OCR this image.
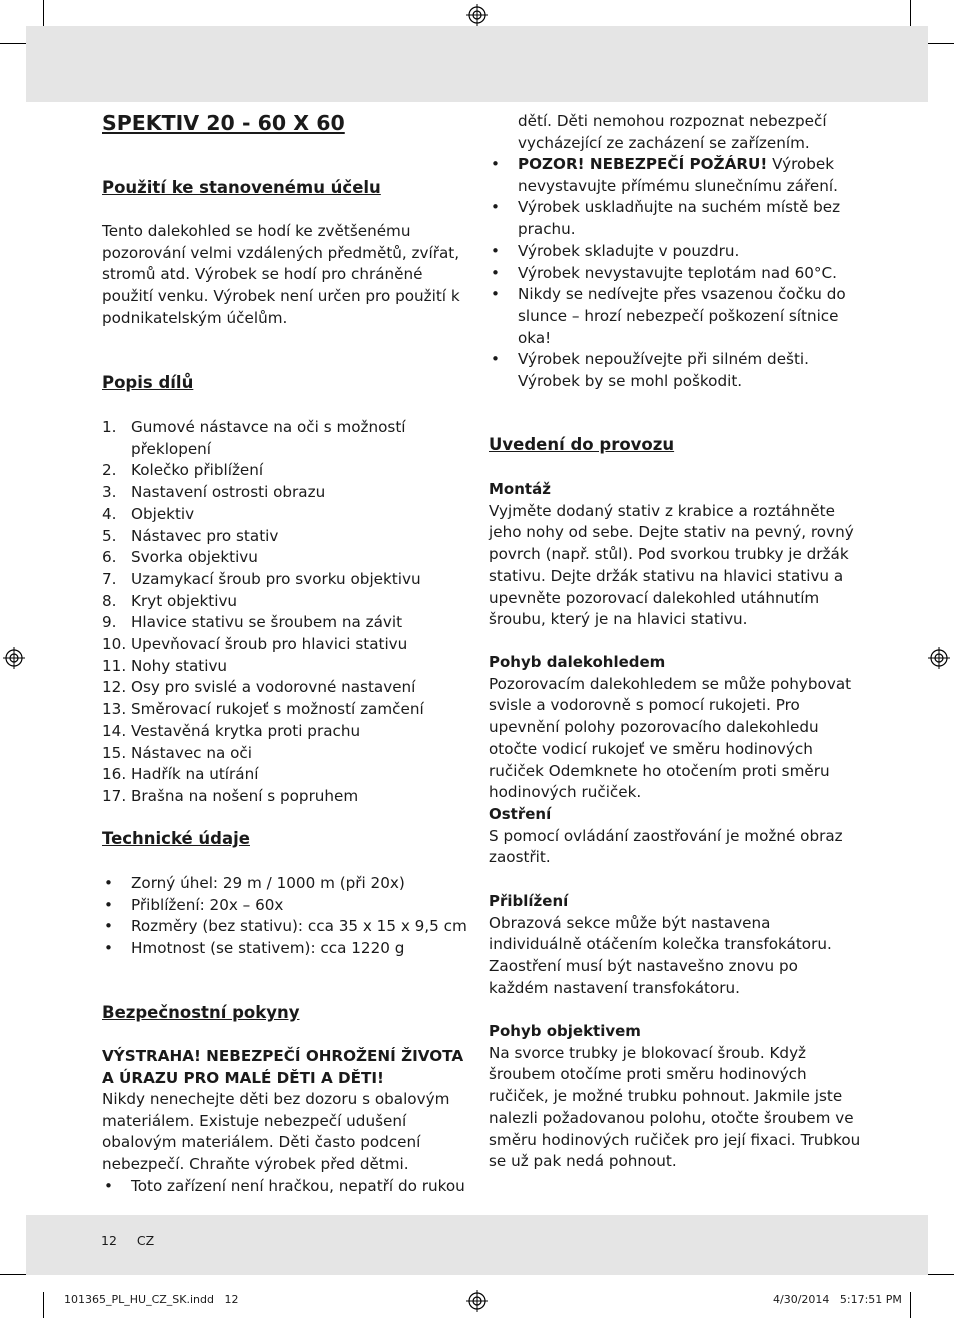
SPEKTIV 20 - 60 X 60
Použití ke stanovenému účelu

Tento dalekohled se hodí ke zvětšenému pozorování velmi vzdálených předmětů, zvířat, stromů atd. Výrobek se hodí pro chráněné použití venku. Výrobek není určen pro použití k podnikatelským účelům.

Popis dílů
1. Gumové nástavce na oči s možností překlopení
2. Kolečko přiblížení
3. Nastavení ostrosti obrazu
4. Objektiv
5. Nástavec pro stativ
6. Svorka objektivu
7. Uzamykací šroub pro svorku objektivu
8. Kryt objektivu
9. Hlavice stativu se šroubem na závit
10. Upevňovací šroub pro hlavici stativu
11. Nohy stativu
12. Osy pro svislé a vodorovné nastavení
13. Směrovací rukojeť s možností zamčení
14. Vestavěná krytka proti prachu
15. Nástavec na oči
16. Hadřík na utírání
17. Brašna na nošení s popruhem
Technické údaje
• Zorný úhel: 29 m / 1000 m (při 20x)
• Přiblížení: 20x – 60x
• Rozměry (bez stativu): cca 35 x 15 x 9,5 cm
• Hmotnost (se stativem): cca 1220 g
Bezpečnostní pokyny

VÝSTRAHA! NEBEZPEČÍ OHROŽENÍ ŽIVOTA A ÚRAZU PRO MALÉ DĚTI A DĚTI!

Nikdy nenechejte děti bez dozoru s obalovým materiálem. Existuje nebezpečí udušení obalovým materiálem. Děti často podcení nebezpečí. Chraňte výrobek před dětmi.

• Toto zařízení není hračkou, nepatří do rukou

dětí. Děti nemohou rozpoznat nebezpečí vycházející ze zacházení se zařízením.

• POZOR! NEBEZPEČÍ POŽÁRU! Výrobek nevystavujte přímému slunečnímu záření.
• Výrobek uskladňujte na suchém místě bez prachu.
• Výrobek skladujte v pouzdru.
• Výrobek nevystavujte teplotám nad 60°C.
• Nikdy se nedívejte přes vsazenou čočku do slunce – hrozí nebezpečí poškození sítnice oka!
• Výrobek nepoužívejte při silném dešti. Výrobek by se mohl poškodit.
Uvedení do provozu

Montáž

Vyjměte dodaný stativ z krabice a roztáhněte jeho nohy od sebe. Dejte stativ na pevný, rovný povrch (např. stůl). Pod svorkou trubky je držák stativu. Dejte držák stativu na hlavici stativu a upevněte pozorovací dalekohled utáhnutím šroubu, který je na hlavici stativu.

Pohyb dalekohledem

Pozorovacím dalekohledem se může pohybovat svisle a vodorovně s pomocí rukojeti. Pro upevnění polohy pozorovacího dalekohledu otočte vodicí rukojeť ve směru hodinových ručiček Odemknete ho otočením proti směru hodinových ručiček.

Ostření

S pomocí ovládání zaostřování je možné obraz zaostřit.

Přiblížení

Obrazová sekce může být nastavena individuálně otáčením kolečka transfokátoru. Zaostření musí být nastavešno znovu po každém nastavení transfokátoru.

Pohyb objektivem

Na svorce trubky je blokovací šroub. Když šroubem otočíme proti směru hodinových ručiček, je možné trubku pohnout. Jakmile jste nalezli požadovanou polohu, otočte šroubem ve směru hodinových ručiček pro její fixaci. Trubkou se už pak nedá pohnout.

12 CZ
101365_PL_HU_CZ_SK.indd   12	4/30/2014   5:17:51 PM
